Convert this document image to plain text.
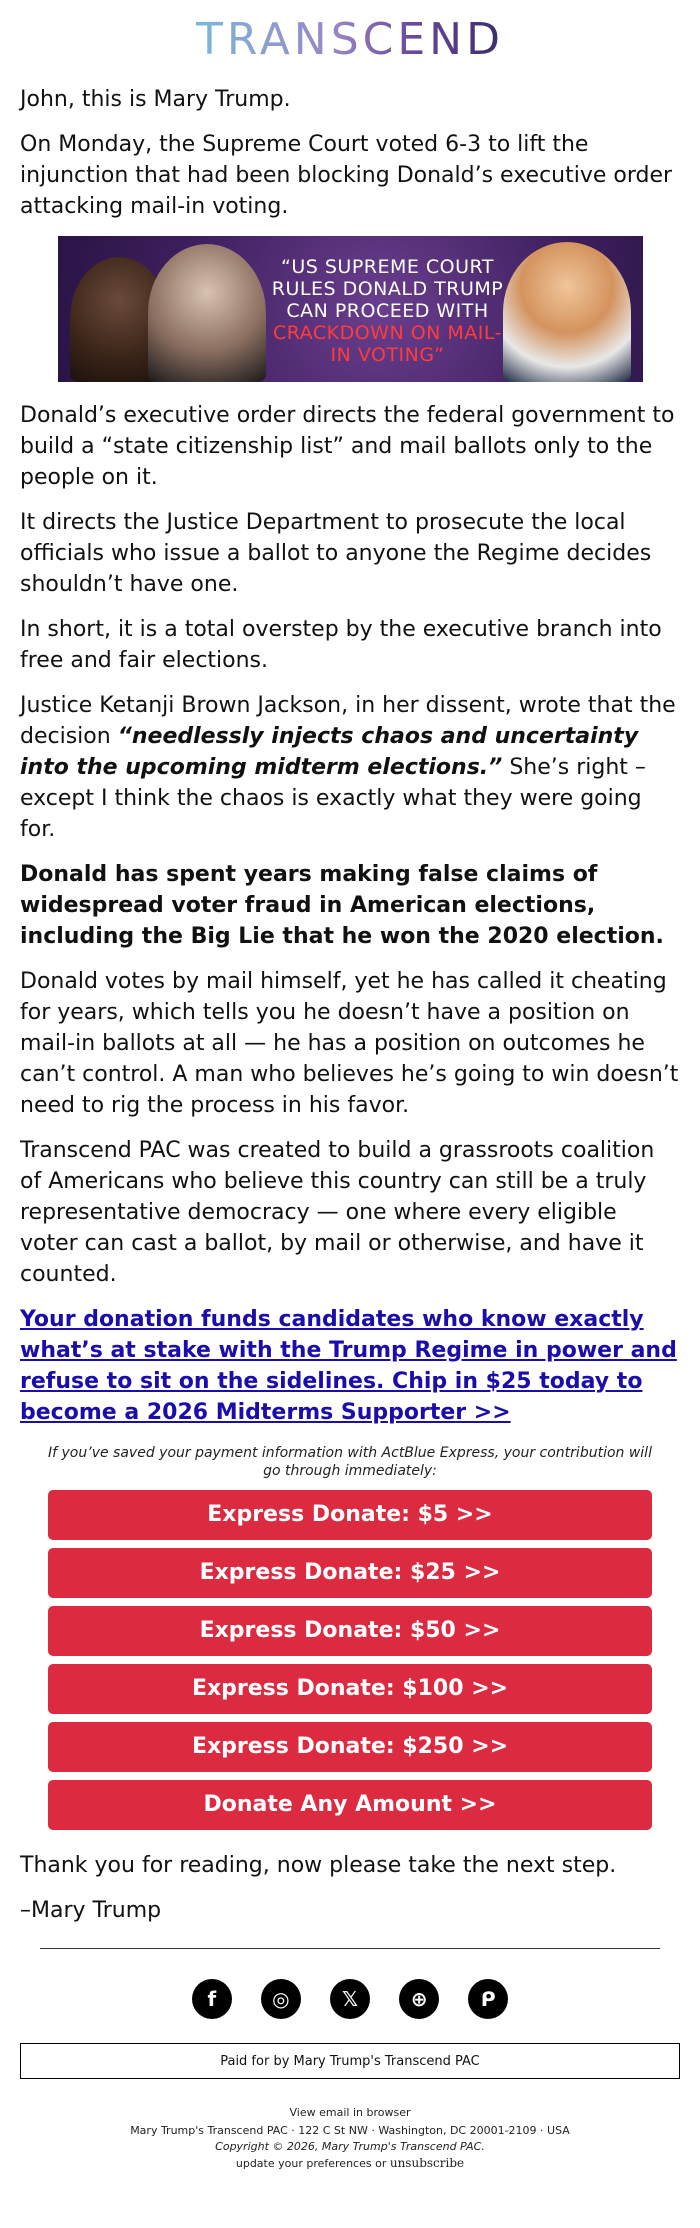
TRANSCEND

John, this is Mary Trump.

On Monday, the Supreme Court voted 6-3 to lift the injunction that had been blocking Donald’s executive order attacking mail-in voting.

“US SUPREME COURT RULES DONALD TRUMP CAN PROCEED WITH CRACKDOWN ON MAIL-IN VOTING”

Donald’s executive order directs the federal government to build a “state citizenship list” and mail ballots only to the people on it.

It directs the Justice Department to prosecute the local officials who issue a ballot to anyone the Regime decides shouldn’t have one.

In short, it is a total overstep by the executive branch into free and fair elections.

Justice Ketanji Brown Jackson, in her dissent, wrote that the decision “needlessly injects chaos and uncertainty into the upcoming midterm elections.” She’s right – except I think the chaos is exactly what they were going for.

Donald has spent years making false claims of widespread voter fraud in American elections, including the Big Lie that he won the 2020 election.

Donald votes by mail himself, yet he has called it cheating for years, which tells you he doesn’t have a position on mail-in ballots at all — he has a position on outcomes he can’t control. A man who believes he’s going to win doesn’t need to rig the process in his favor.

Transcend PAC was created to build a grassroots coalition of Americans who believe this country can still be a truly representative democracy — one where every eligible voter can cast a ballot, by mail or otherwise, and have it counted.

Your donation funds candidates who know exactly what’s at stake with the Trump Regime in power and refuse to sit on the sidelines. Chip in $25 today to become a 2026 Midterms Supporter >>
If you’ve saved your payment information with ActBlue Express, your contribution will go through immediately:
Express Donate: $5 >>
Express Donate: $25 >>
Express Donate: $50 >>
Express Donate: $100 >>
Express Donate: $250 >>
Donate Any Amount >>

Thank you for reading, now please take the next step.

–Mary Trump

f	◎	𝕏	⊕	ᑭ
Paid for by Mary Trump's Transcend PAC
View email in browser
Mary Trump's Transcend PAC · 122 C St NW · Washington, DC 20001-2109 · USA
Copyright © 2026, Mary Trump's Transcend PAC.
update your preferences or unsubscribe
